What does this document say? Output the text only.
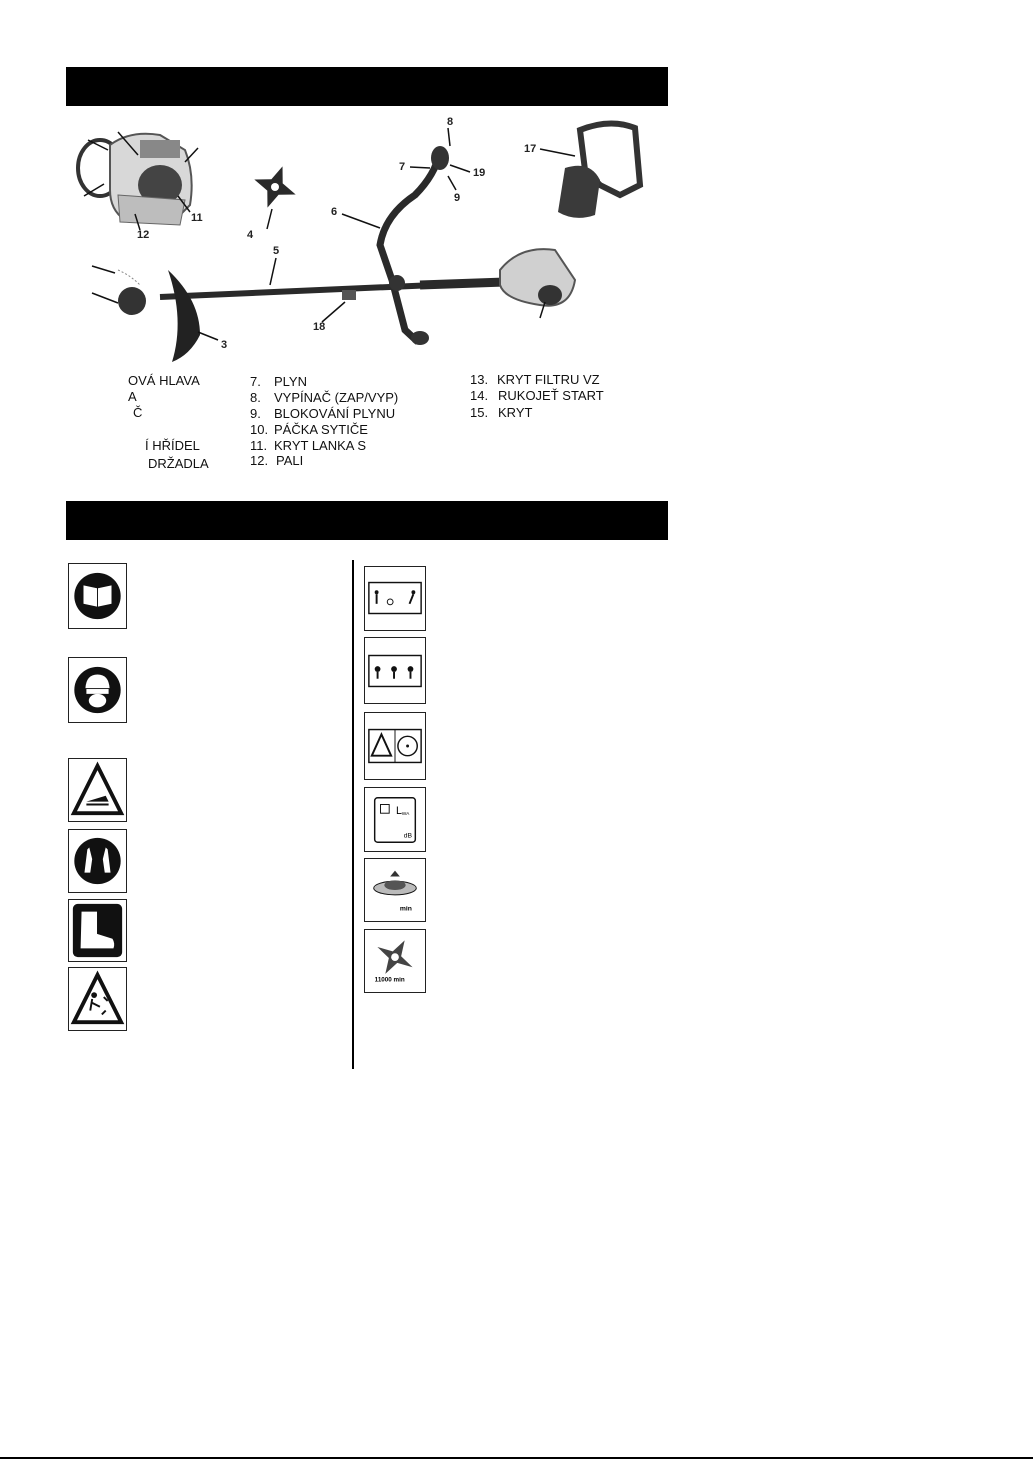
8
17
7	19
9
6
11
12	4
5
18
3
OVÁ HLAVA
A
Č
Í HŘÍDEL
DRŽADLA
7. PLYN
8. VYPÍNAČ (ZAP/VYP)
9. BLOKOVÁNÍ PLYNU
10. PÁČKA SYTIČE
11. KRYT LANKA S
12. PALI
13. KRYT FILTRU VZ
14. RUKOJEŤ START
15. KRYT
L WA
dB
min
11000 min
